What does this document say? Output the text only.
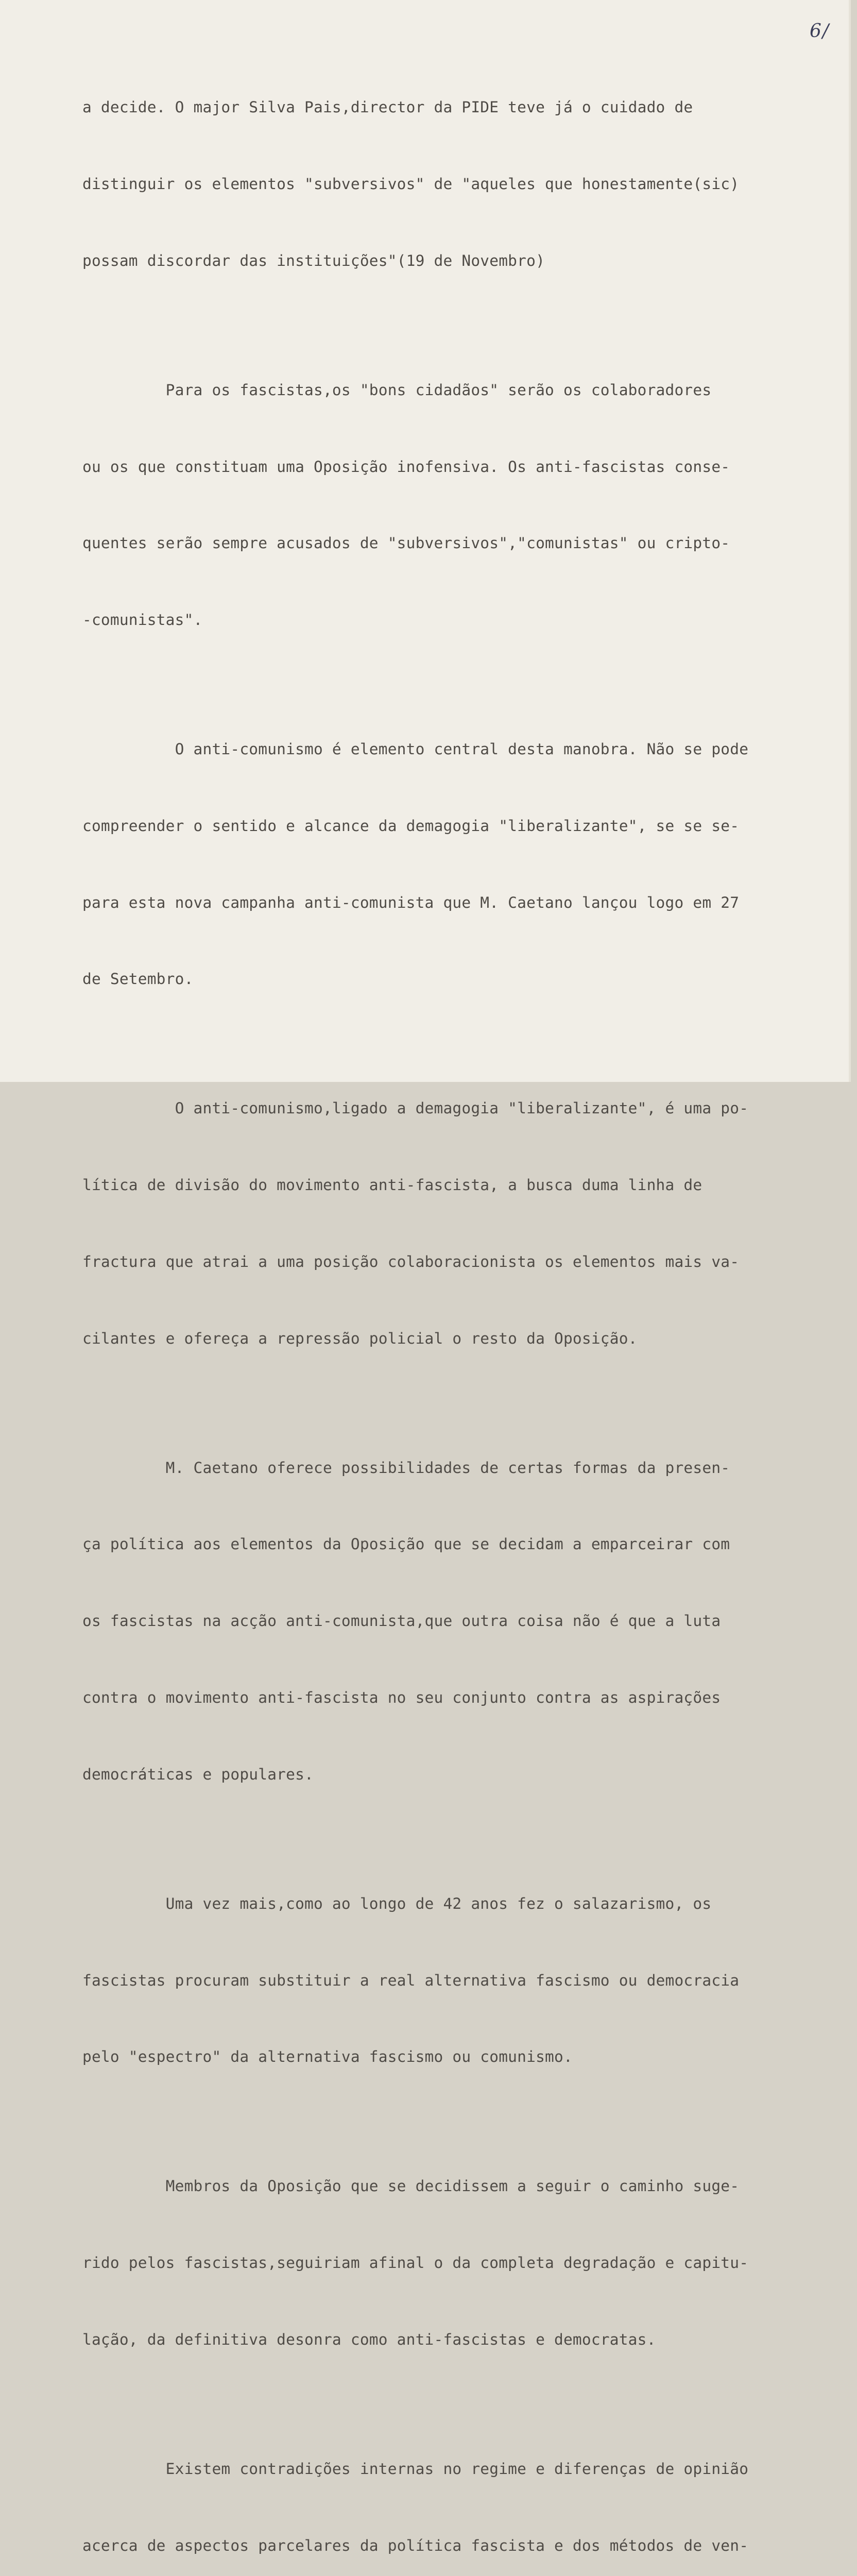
6/

a decide. O major Silva Pais,director da PIDE teve já o cuidado de

distinguir os elementos "subversivos" de "aqueles que honestamente(sic)

possam discordar das instituições"(19 de Novembro)

Para os fascistas,os "bons cidadãos" serão os colaboradores

ou os que constituam uma Oposição inofensiva. Os anti-fascistas conse-

quentes serão sempre acusados de "subversivos","comunistas" ou cripto-

-comunistas".

O anti-comunismo é elemento central desta manobra. Não se pode

compreender o sentido e alcance da demagogia "liberalizante", se se se-

para esta nova campanha anti-comunista que M. Caetano lançou logo em 27

de Setembro.

O anti-comunismo,ligado a demagogia "liberalizante", é uma po-

lítica de divisão do movimento anti-fascista, a busca duma linha de

fractura que atrai a uma posição colaboracionista os elementos mais va-

cilantes e ofereça a repressão policial o resto da Oposição.

M. Caetano oferece possibilidades de certas formas da presen-

ça política aos elementos da Oposição que se decidam a emparceirar com

os fascistas na acção anti-comunista,que outra coisa não é que a luta

contra o movimento anti-fascista no seu conjunto contra as aspirações

democráticas e populares.

Uma vez mais,como ao longo de 42 anos fez o salazarismo, os

fascistas procuram substituir a real alternativa fascismo ou democracia

pelo "espectro" da alternativa fascismo ou comunismo.

Membros da Oposição que se decidissem a seguir o caminho suge-

rido pelos fascistas,seguiriam afinal o da completa degradação e capitu-

lação, da definitiva desonra como anti-fascistas e democratas.

Existem contradições internas no regime e diferenças de opinião

acerca de aspectos parcelares da política fascista e dos métodos de ven-
